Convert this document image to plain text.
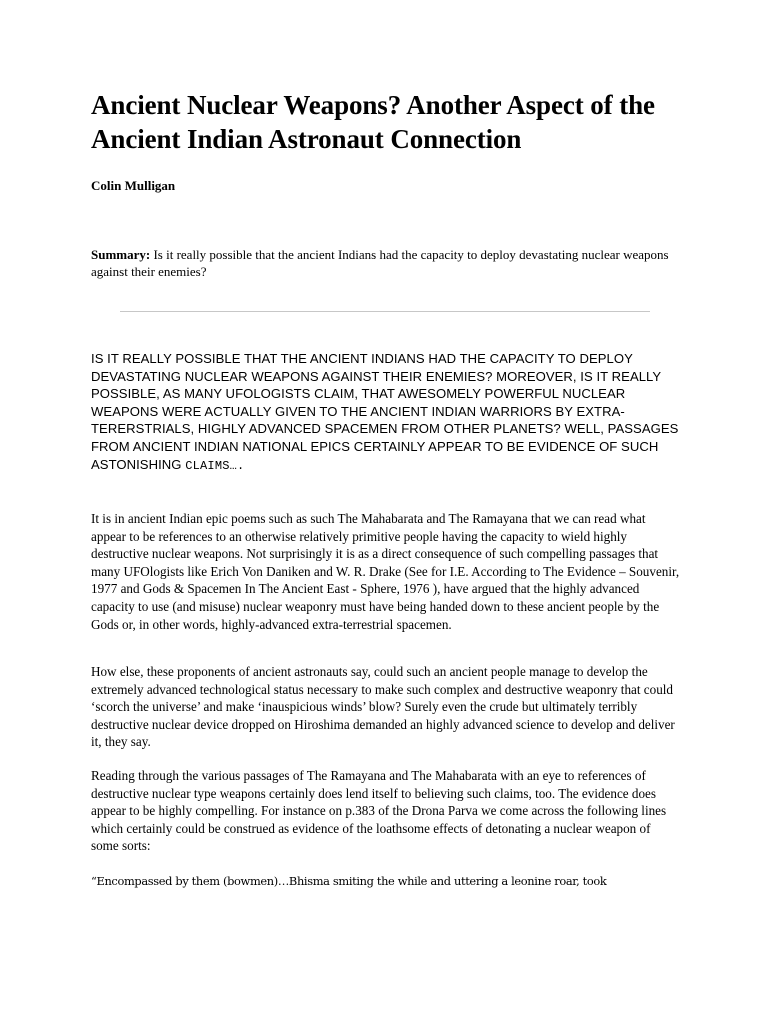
Ancient Nuclear Weapons? Another Aspect of the Ancient Indian Astronaut Connection

Colin Mulligan

Summary: Is it really possible that the ancient Indians had the capacity to deploy devastating nuclear weapons against their enemies?

IS IT REALLY POSSIBLE THAT THE ANCIENT INDIANS HAD THE CAPACITY TO DEPLOY DEVASTATING NUCLEAR WEAPONS AGAINST THEIR ENEMIES? MOREOVER, IS IT REALLY POSSIBLE, AS MANY UFOLOGISTS CLAIM, THAT AWESOMELY POWERFUL NUCLEAR WEAPONS WERE ACTUALLY GIVEN TO THE ANCIENT INDIAN WARRIORS BY EXTRA-TERERSTRIALS, HIGHLY ADVANCED SPACEMEN FROM OTHER PLANETS? WELL, PASSAGES FROM ANCIENT INDIAN NATIONAL EPICS CERTAINLY APPEAR TO BE EVIDENCE OF SUCH ASTONISHING CLAIMS….

It is in ancient Indian epic poems such as such The Mahabarata and The Ramayana that we can read what appear to be references to an otherwise relatively primitive people having the capacity to wield highly destructive nuclear weapons. Not surprisingly it is as a direct consequence of such compelling passages that many UFOlogists like Erich Von Daniken and W. R. Drake (See for I.E. According to The Evidence – Souvenir, 1977 and Gods & Spacemen In The Ancient East - Sphere, 1976 ), have argued that the highly advanced capacity to use (and misuse) nuclear weaponry must have being handed down to these ancient people by the Gods or, in other words, highly-advanced extra-terrestrial spacemen.

How else, these proponents of ancient astronauts say, could such an ancient people manage to develop the extremely advanced technological status necessary to make such complex and destructive weaponry that could ‘scorch the universe’ and make ‘inauspicious winds’ blow? Surely even the crude but ultimately terribly destructive nuclear device dropped on Hiroshima demanded an highly advanced science to develop and deliver it, they say.

Reading through the various passages of The Ramayana and The Mahabarata with an eye to references of destructive nuclear type weapons certainly does lend itself to believing such claims, too. The evidence does appear to be highly compelling. For instance on p.383 of the Drona Parva we come across the following lines which certainly could be construed as evidence of the loathsome effects of detonating a nuclear weapon of some sorts:

“Encompassed by them (bowmen)…Bhisma smiting the while and uttering a leonine roar, took
